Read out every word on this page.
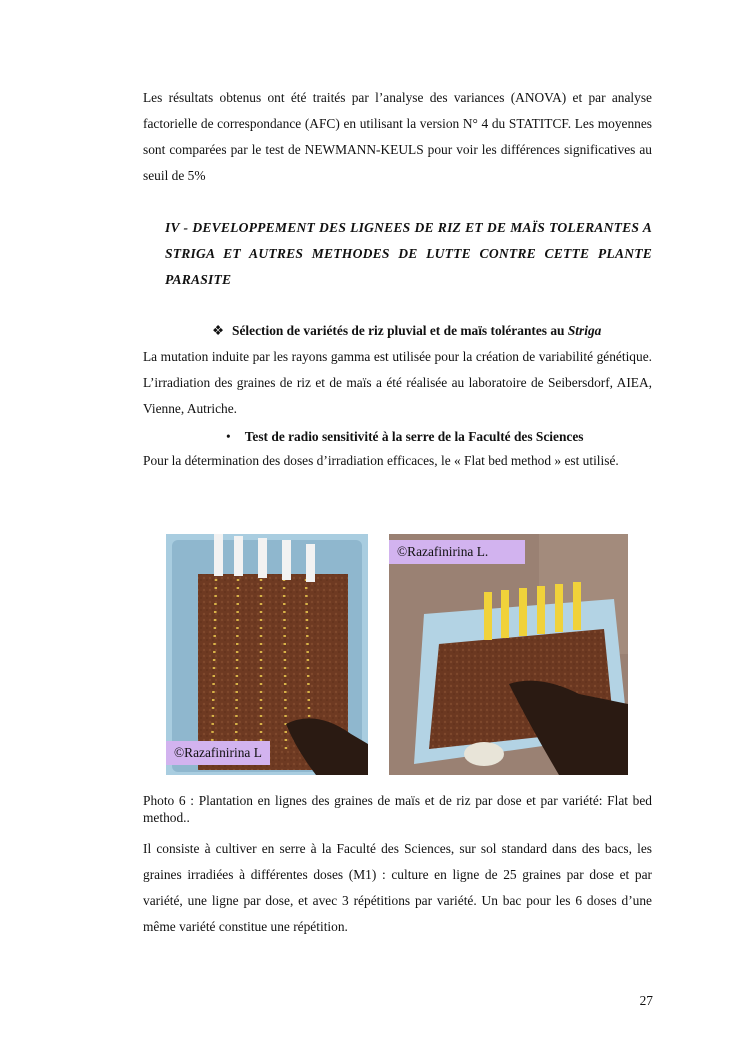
Les résultats obtenus ont été traités par l’analyse des variances (ANOVA) et par analyse factorielle de correspondance (AFC) en utilisant la version N° 4 du STATITCF. Les moyennes sont comparées par le test de NEWMANN-KEULS pour voir les différences significatives au seuil de 5%

IV - DEVELOPPEMENT DES LIGNEES DE RIZ ET DE MAÏS TOLERANTES A STRIGA ET AUTRES METHODES DE LUTTE CONTRE CETTE PLANTE PARASITE

❖ Sélection de variétés de riz pluvial et de maïs tolérantes au Striga

La mutation induite par les rayons gamma est utilisée pour la création de variabilité génétique. L’irradiation des graines de riz et de maïs a été réalisée au laboratoire de Seibersdorf, AIEA, Vienne, Autriche.

• Test de radio sensitivité à la serre de la Faculté des Sciences

Pour la détermination des doses d’irradiation efficaces, le « Flat bed method » est utilisé.

©Razafinirina L
©Razafinirina L.

Photo 6 : Plantation en lignes des graines de maïs et de riz par dose et par variété: Flat bed method..

Il consiste à cultiver en serre à la Faculté des Sciences, sur sol standard dans des bacs, les graines irradiées à différentes doses (M1) : culture en ligne de 25 graines par dose et par variété, une ligne par dose, et avec 3 répétitions par variété. Un bac pour les 6 doses d’une même variété constitue une répétition.

27
